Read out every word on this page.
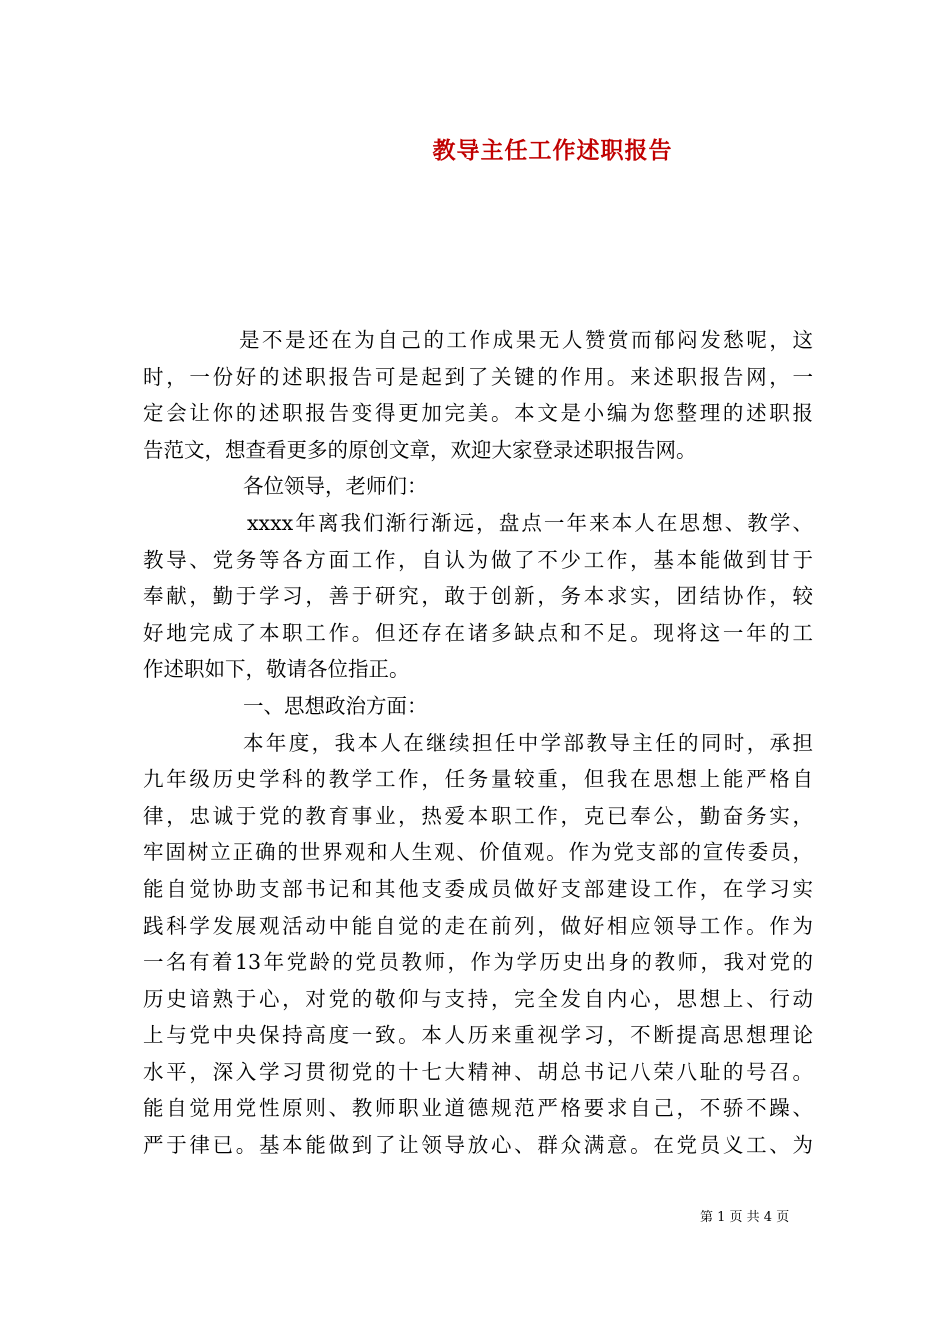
教导主任工作述职报告
是不是还在为自己的工作成果无人赞赏而郁闷发愁呢，这
时，一份好的述职报告可是起到了关键的作用。来述职报告网，一
定会让你的述职报告变得更加完美。本文是小编为您整理的述职报
告范文，想查看更多的原创文章，欢迎大家登录述职报告网。
各位领导，老师们：
xxxx年离我们渐行渐远，盘点一年来本人在思想、教学、
教导、党务等各方面工作，自认为做了不少工作，基本能做到甘于
奉献，勤于学习，善于研究，敢于创新，务本求实，团结协作，较
好地完成了本职工作。但还存在诸多缺点和不足。现将这一年的工
作述职如下，敬请各位指正。
一、思想政治方面：
本年度，我本人在继续担任中学部教导主任的同时，承担
九年级历史学科的教学工作，任务量较重，但我在思想上能严格自
律，忠诚于党的教育事业，热爱本职工作，克已奉公，勤奋务实，
牢固树立正确的世界观和人生观、价值观。作为党支部的宣传委员，
能自觉协助支部书记和其他支委成员做好支部建设工作，在学习实
践科学发展观活动中能自觉的走在前列，做好相应领导工作。作为
一名有着13年党龄的党员教师，作为学历史出身的教师，我对党的
历史谙熟于心，对党的敬仰与支持，完全发自内心，思想上、行动
上与党中央保持高度一致。本人历来重视学习，不断提高思想理论
水平，深入学习贯彻党的十七大精神、胡总书记八荣八耻的号召。
能自觉用党性原则、教师职业道德规范严格要求自己，不骄不躁、
严于律已。基本能做到了让领导放心、群众满意。在党员义工、为
第 1 页 共 4 页
